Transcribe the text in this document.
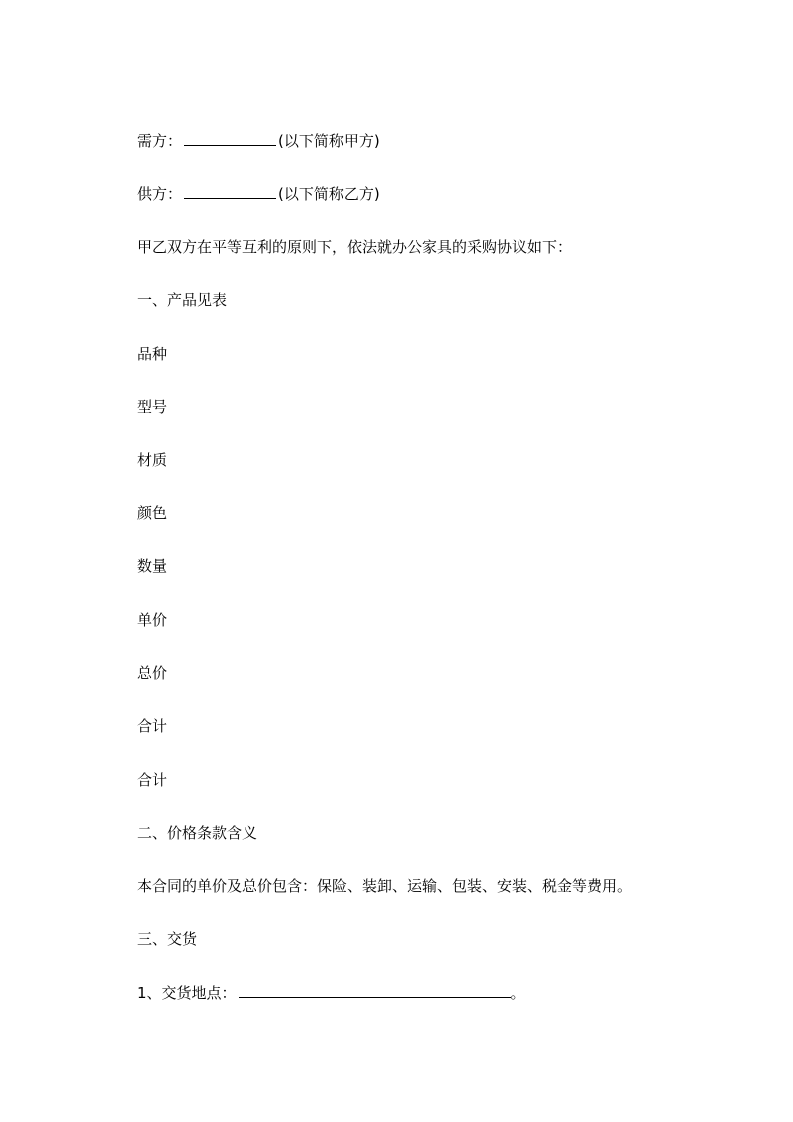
需方：	(以下简称甲方)
供方：	(以下简称乙方)
甲乙双方在平等互利的原则下，依法就办公家具的采购协议如下：
一、产品见表
品种
型号
材质
颜色
数量
单价
总价
合计
合计
二、价格条款含义
本合同的单价及总价包含：保险、装卸、运输、包装、安装、税金等费用。
三、交货
1、交货地点：	。
